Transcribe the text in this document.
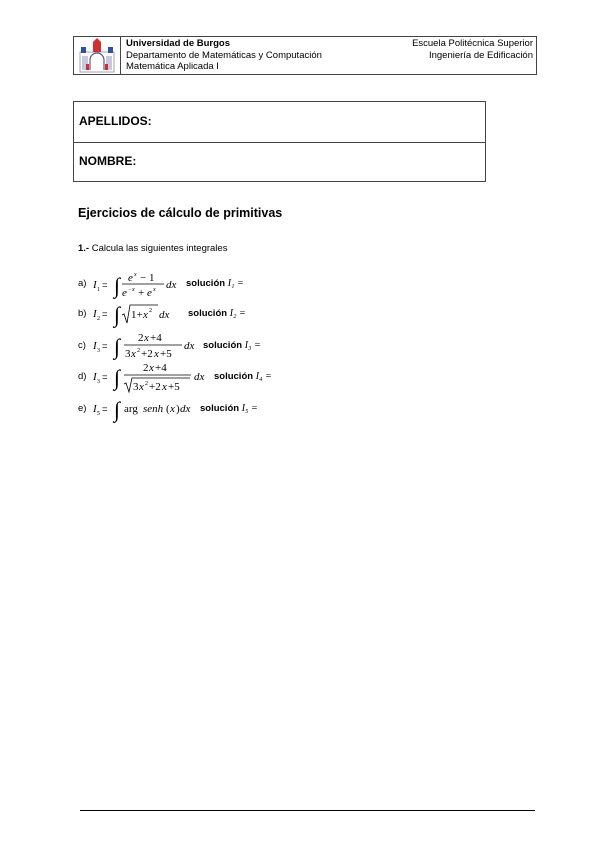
Universidad de Burgos
Departamento de Matemáticas y Computación
Matemática Aplicada I
Escuela Politécnica Superior
Ingeniería de Edificación
APELLIDOS:
NOMBRE:
Ejercicios de cálculo de primitivas
1.- Calcula las siguientes integrales
a) I 1 = ∫ e x − 1
e −x + e x dx solución I₁ =
b) I 2 = ∫ 1+ x 2 dx solución I₂ =
c) I 3 = ∫ 2 x +4
3 x 2 +2 x +5
dx solución I₃ =
d) I 3 = ∫ 2 x +4
3 x 2 +2 x +5
dx solución I₄ =
e) I 5 = ∫ arg senh ( x ) dx solución I₅ =
